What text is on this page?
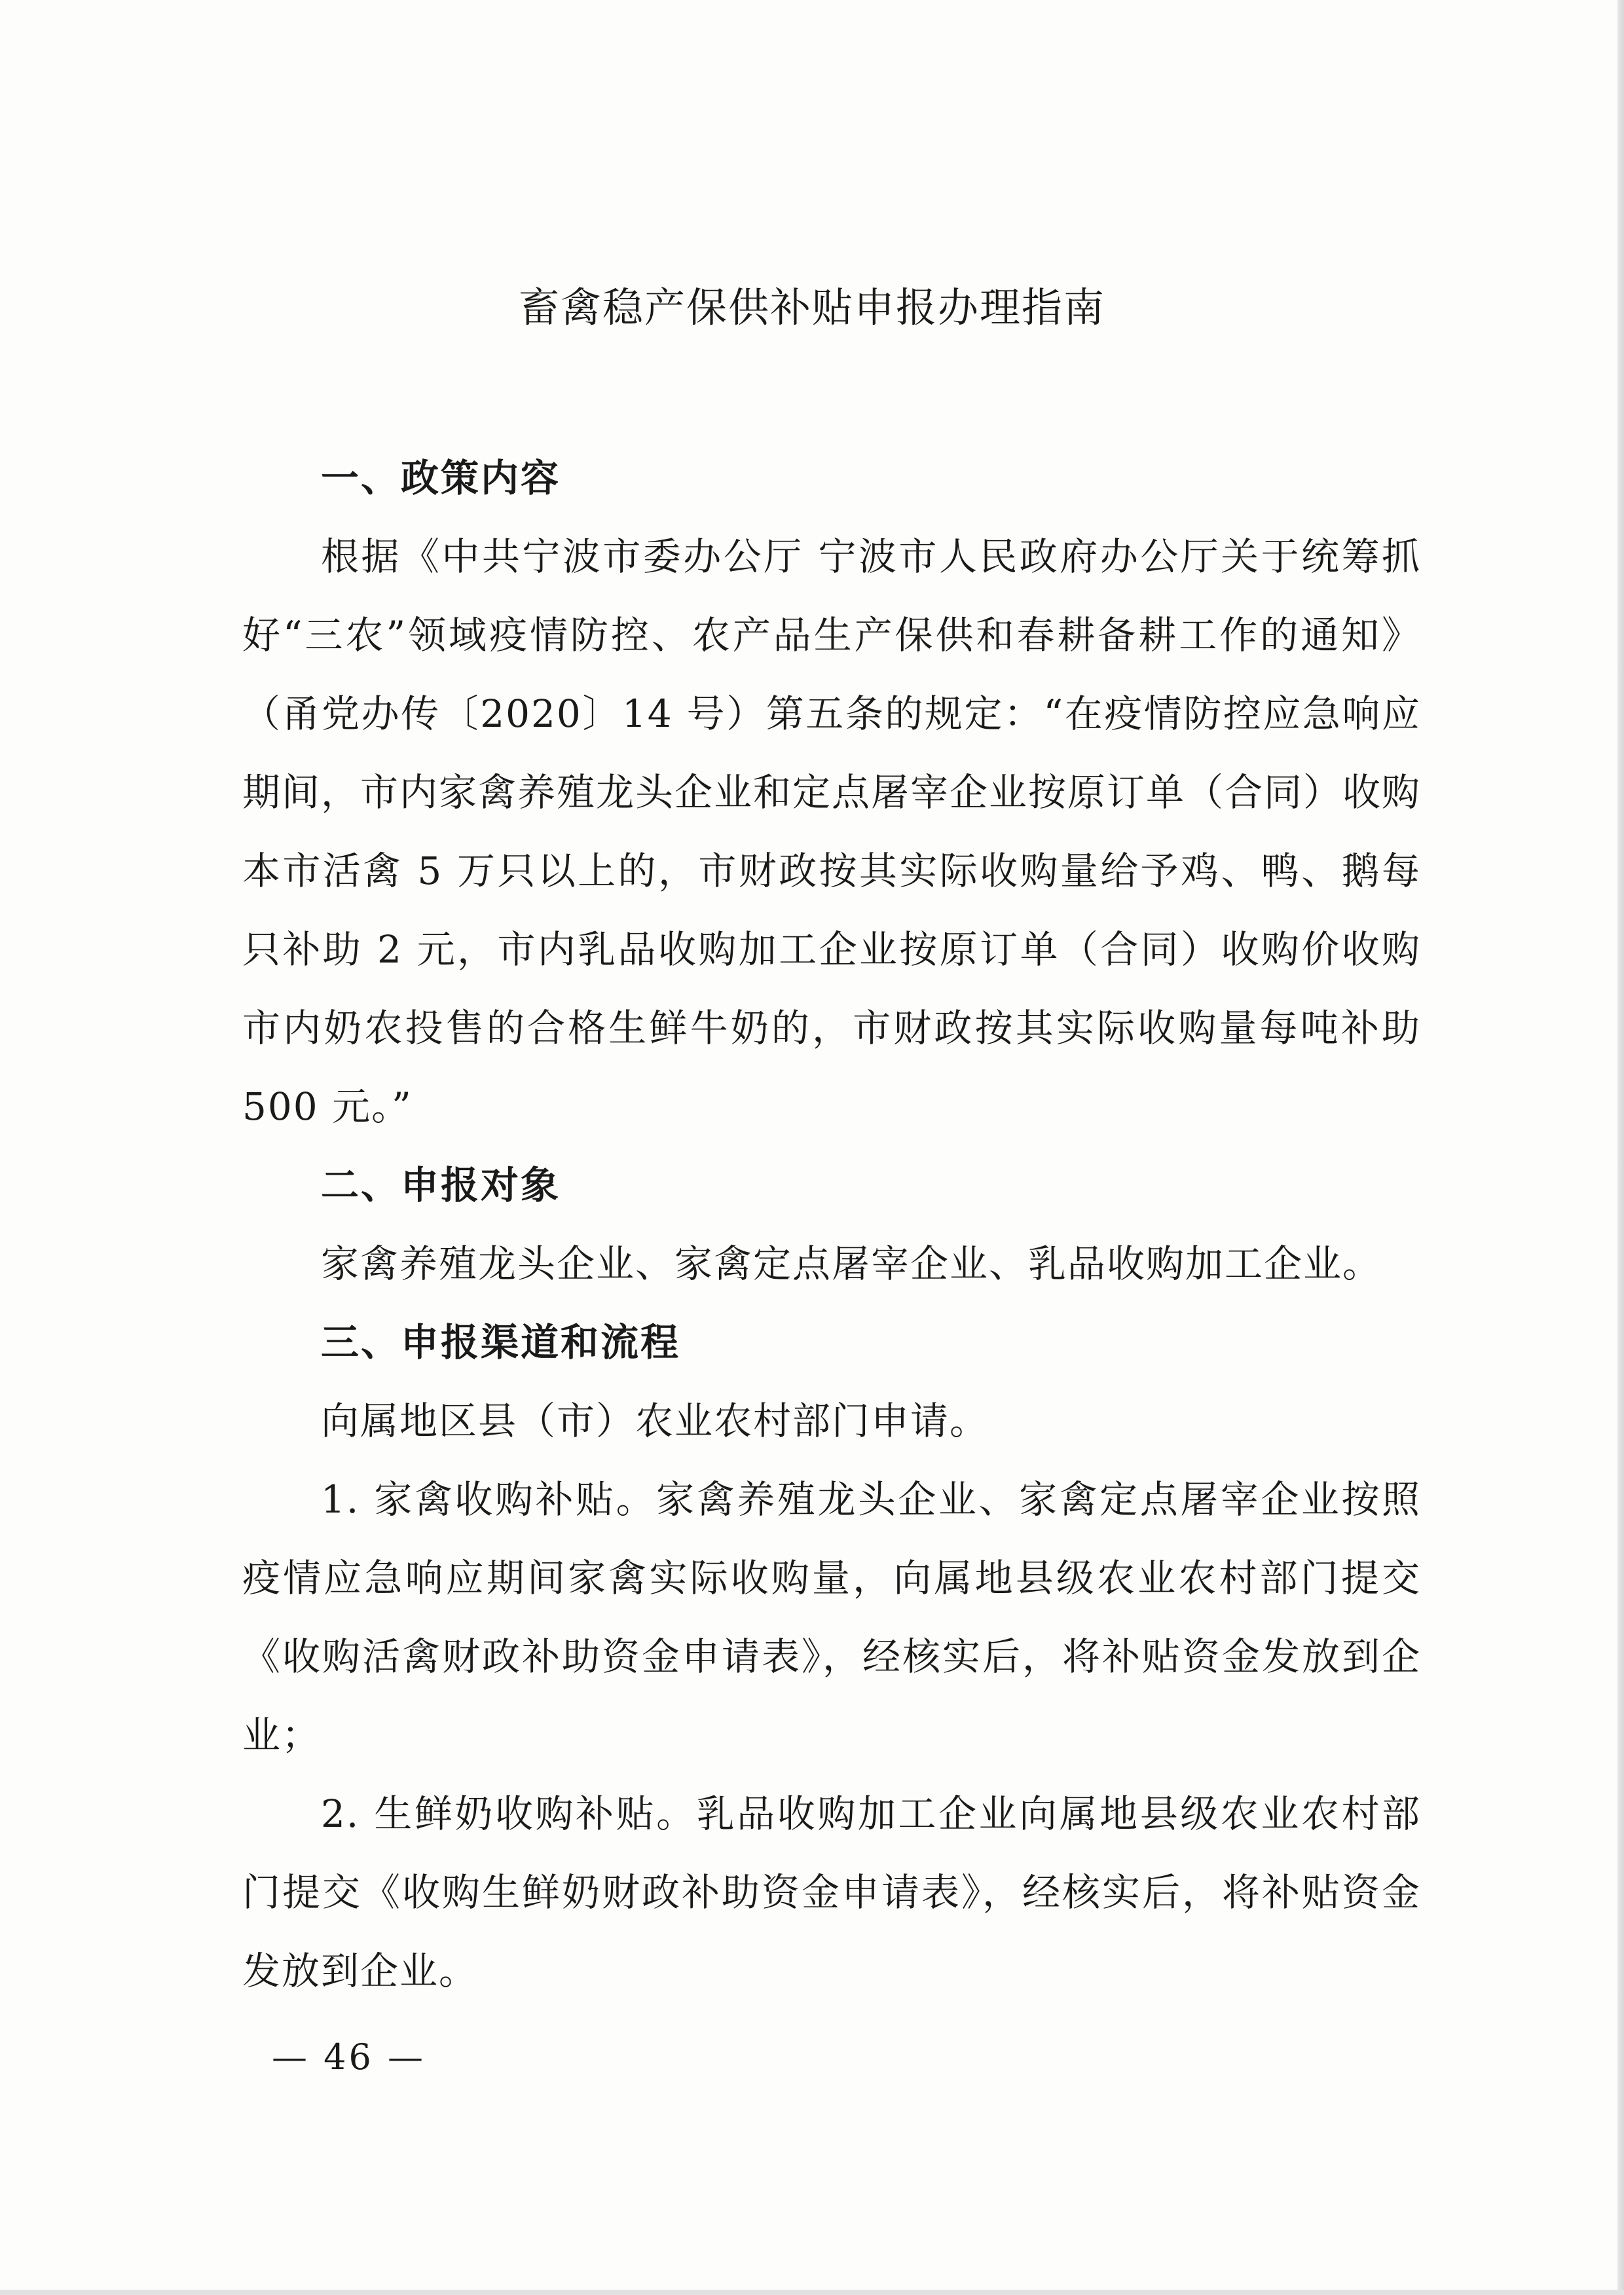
畜禽稳产保供补贴申报办理指南
一、政策内容

根据《中共宁波市委办公厅 宁波市人民政府办公厅关于统筹抓好“三农”领域疫情防控、农产品生产保供和春耕备耕工作的通知》（甬党办传〔2020〕14 号）第五条的规定：“在疫情防控应急响应期间，市内家禽养殖龙头企业和定点屠宰企业按原订单（合同）收购本市活禽 5 万只以上的，市财政按其实际收购量给予鸡、鸭、鹅每只补助 2 元，市内乳品收购加工企业按原订单（合同）收购价收购市内奶农投售的合格生鲜牛奶的，市财政按其实际收购量每吨补助 500 元。”

二、申报对象

家禽养殖龙头企业、家禽定点屠宰企业、乳品收购加工企业。

三、申报渠道和流程

向属地区县（市）农业农村部门申请。

1. 家禽收购补贴。家禽养殖龙头企业、家禽定点屠宰企业按照疫情应急响应期间家禽实际收购量，向属地县级农业农村部门提交《收购活禽财政补助资金申请表》，经核实后，将补贴资金发放到企业；

2. 生鲜奶收购补贴。乳品收购加工企业向属地县级农业农村部门提交《收购生鲜奶财政补助资金申请表》，经核实后，将补贴资金发放到企业。

— 46 —
